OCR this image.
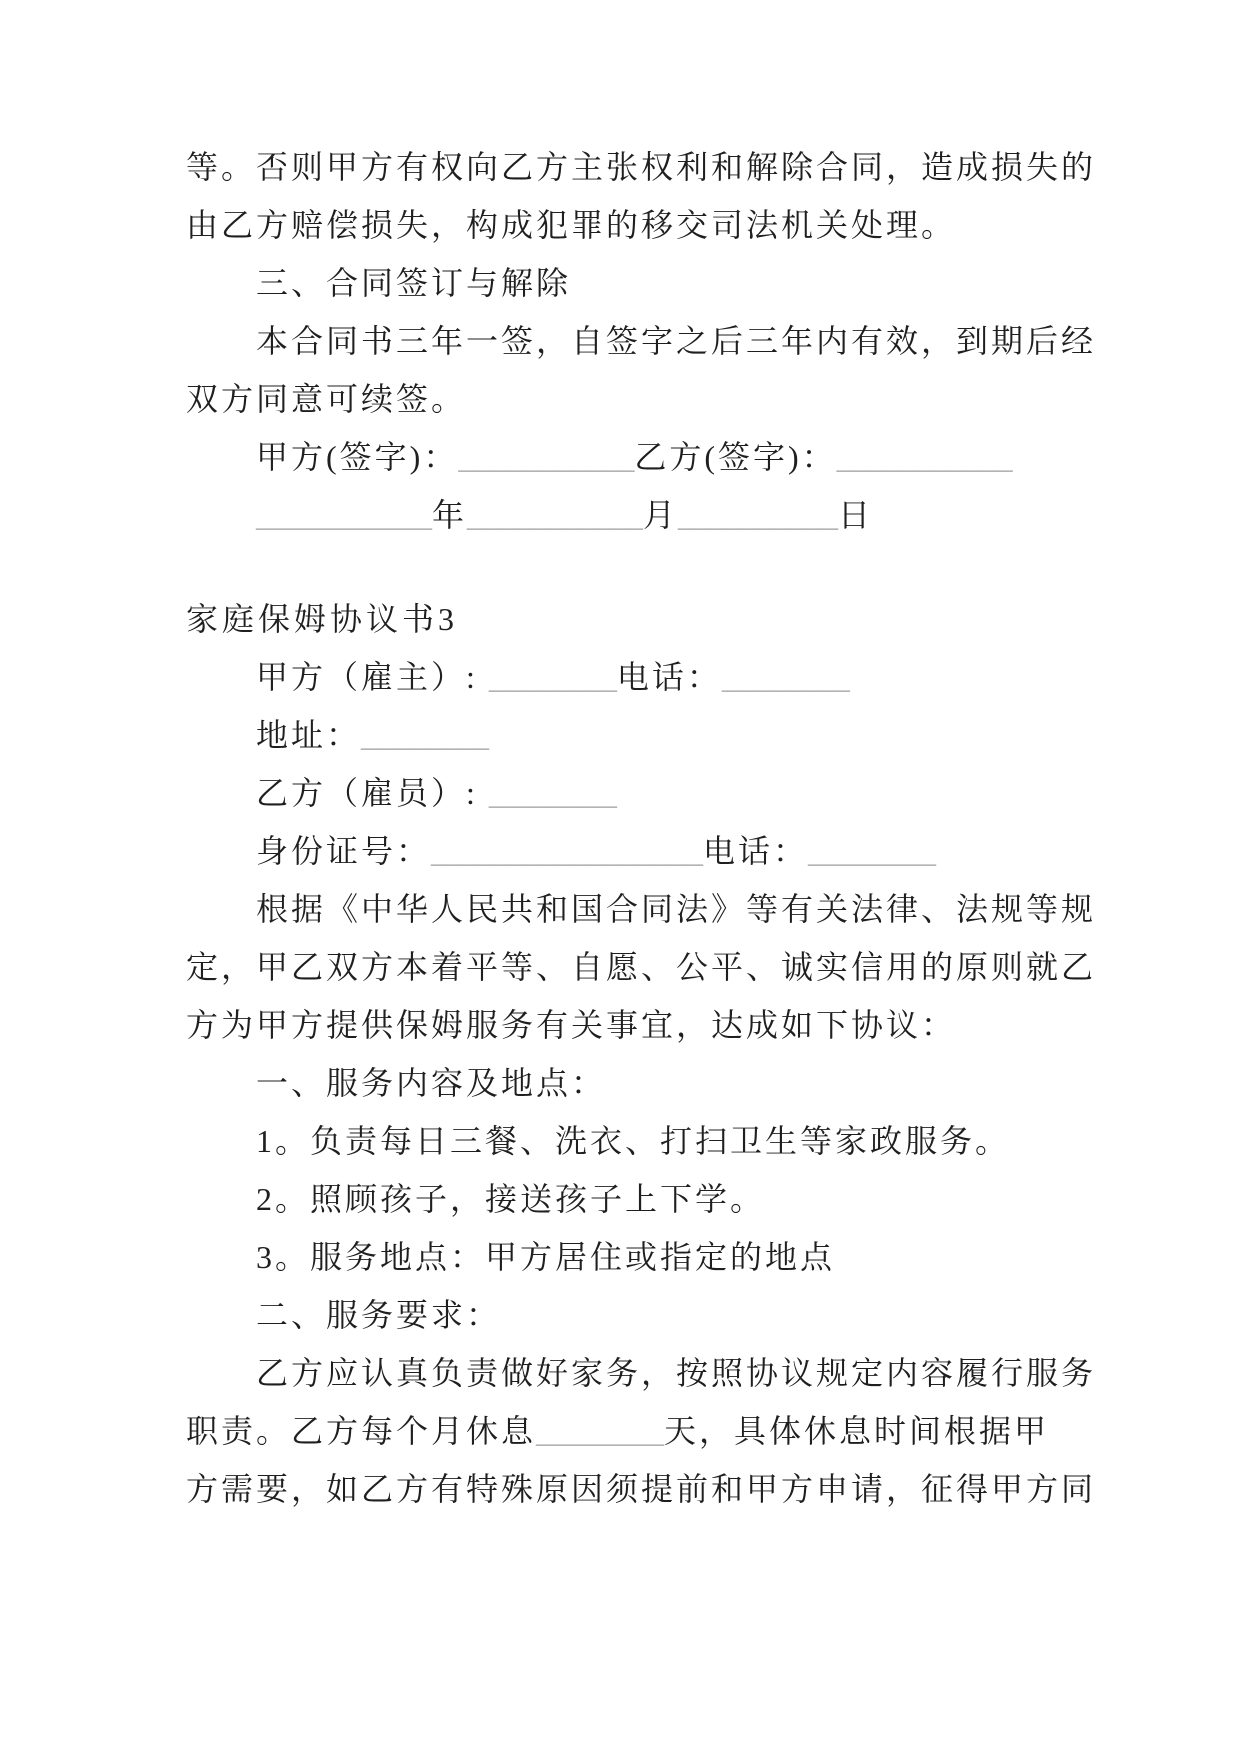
等。否则甲方有权向乙方主张权利和解除合同，造成损失的
由乙方赔偿损失，构成犯罪的移交司法机关处理。
三、合同签订与解除
本合同书三年一签，自签字之后三年内有效，到期后经
双方同意可续签。
甲方(签字)：___________乙方(签字)：___________
___________年___________月__________日
家庭保姆协议书3
甲方（雇主）: ________电话：________
地址：________
乙方（雇员）: ________
身份证号：_________________电话：________
根据《中华人民共和国合同法》等有关法律、法规等规
定，甲乙双方本着平等、自愿、公平、诚实信用的原则就乙
方为甲方提供保姆服务有关事宜，达成如下协议：
一、服务内容及地点：
1。负责每日三餐、洗衣、打扫卫生等家政服务。
2。照顾孩子，接送孩子上下学。
3。服务地点：甲方居住或指定的地点
二、服务要求：
乙方应认真负责做好家务，按照协议规定内容履行服务
职责。乙方每个月休息________天，具体休息时间根据甲
方需要，如乙方有特殊原因须提前和甲方申请，征得甲方同
